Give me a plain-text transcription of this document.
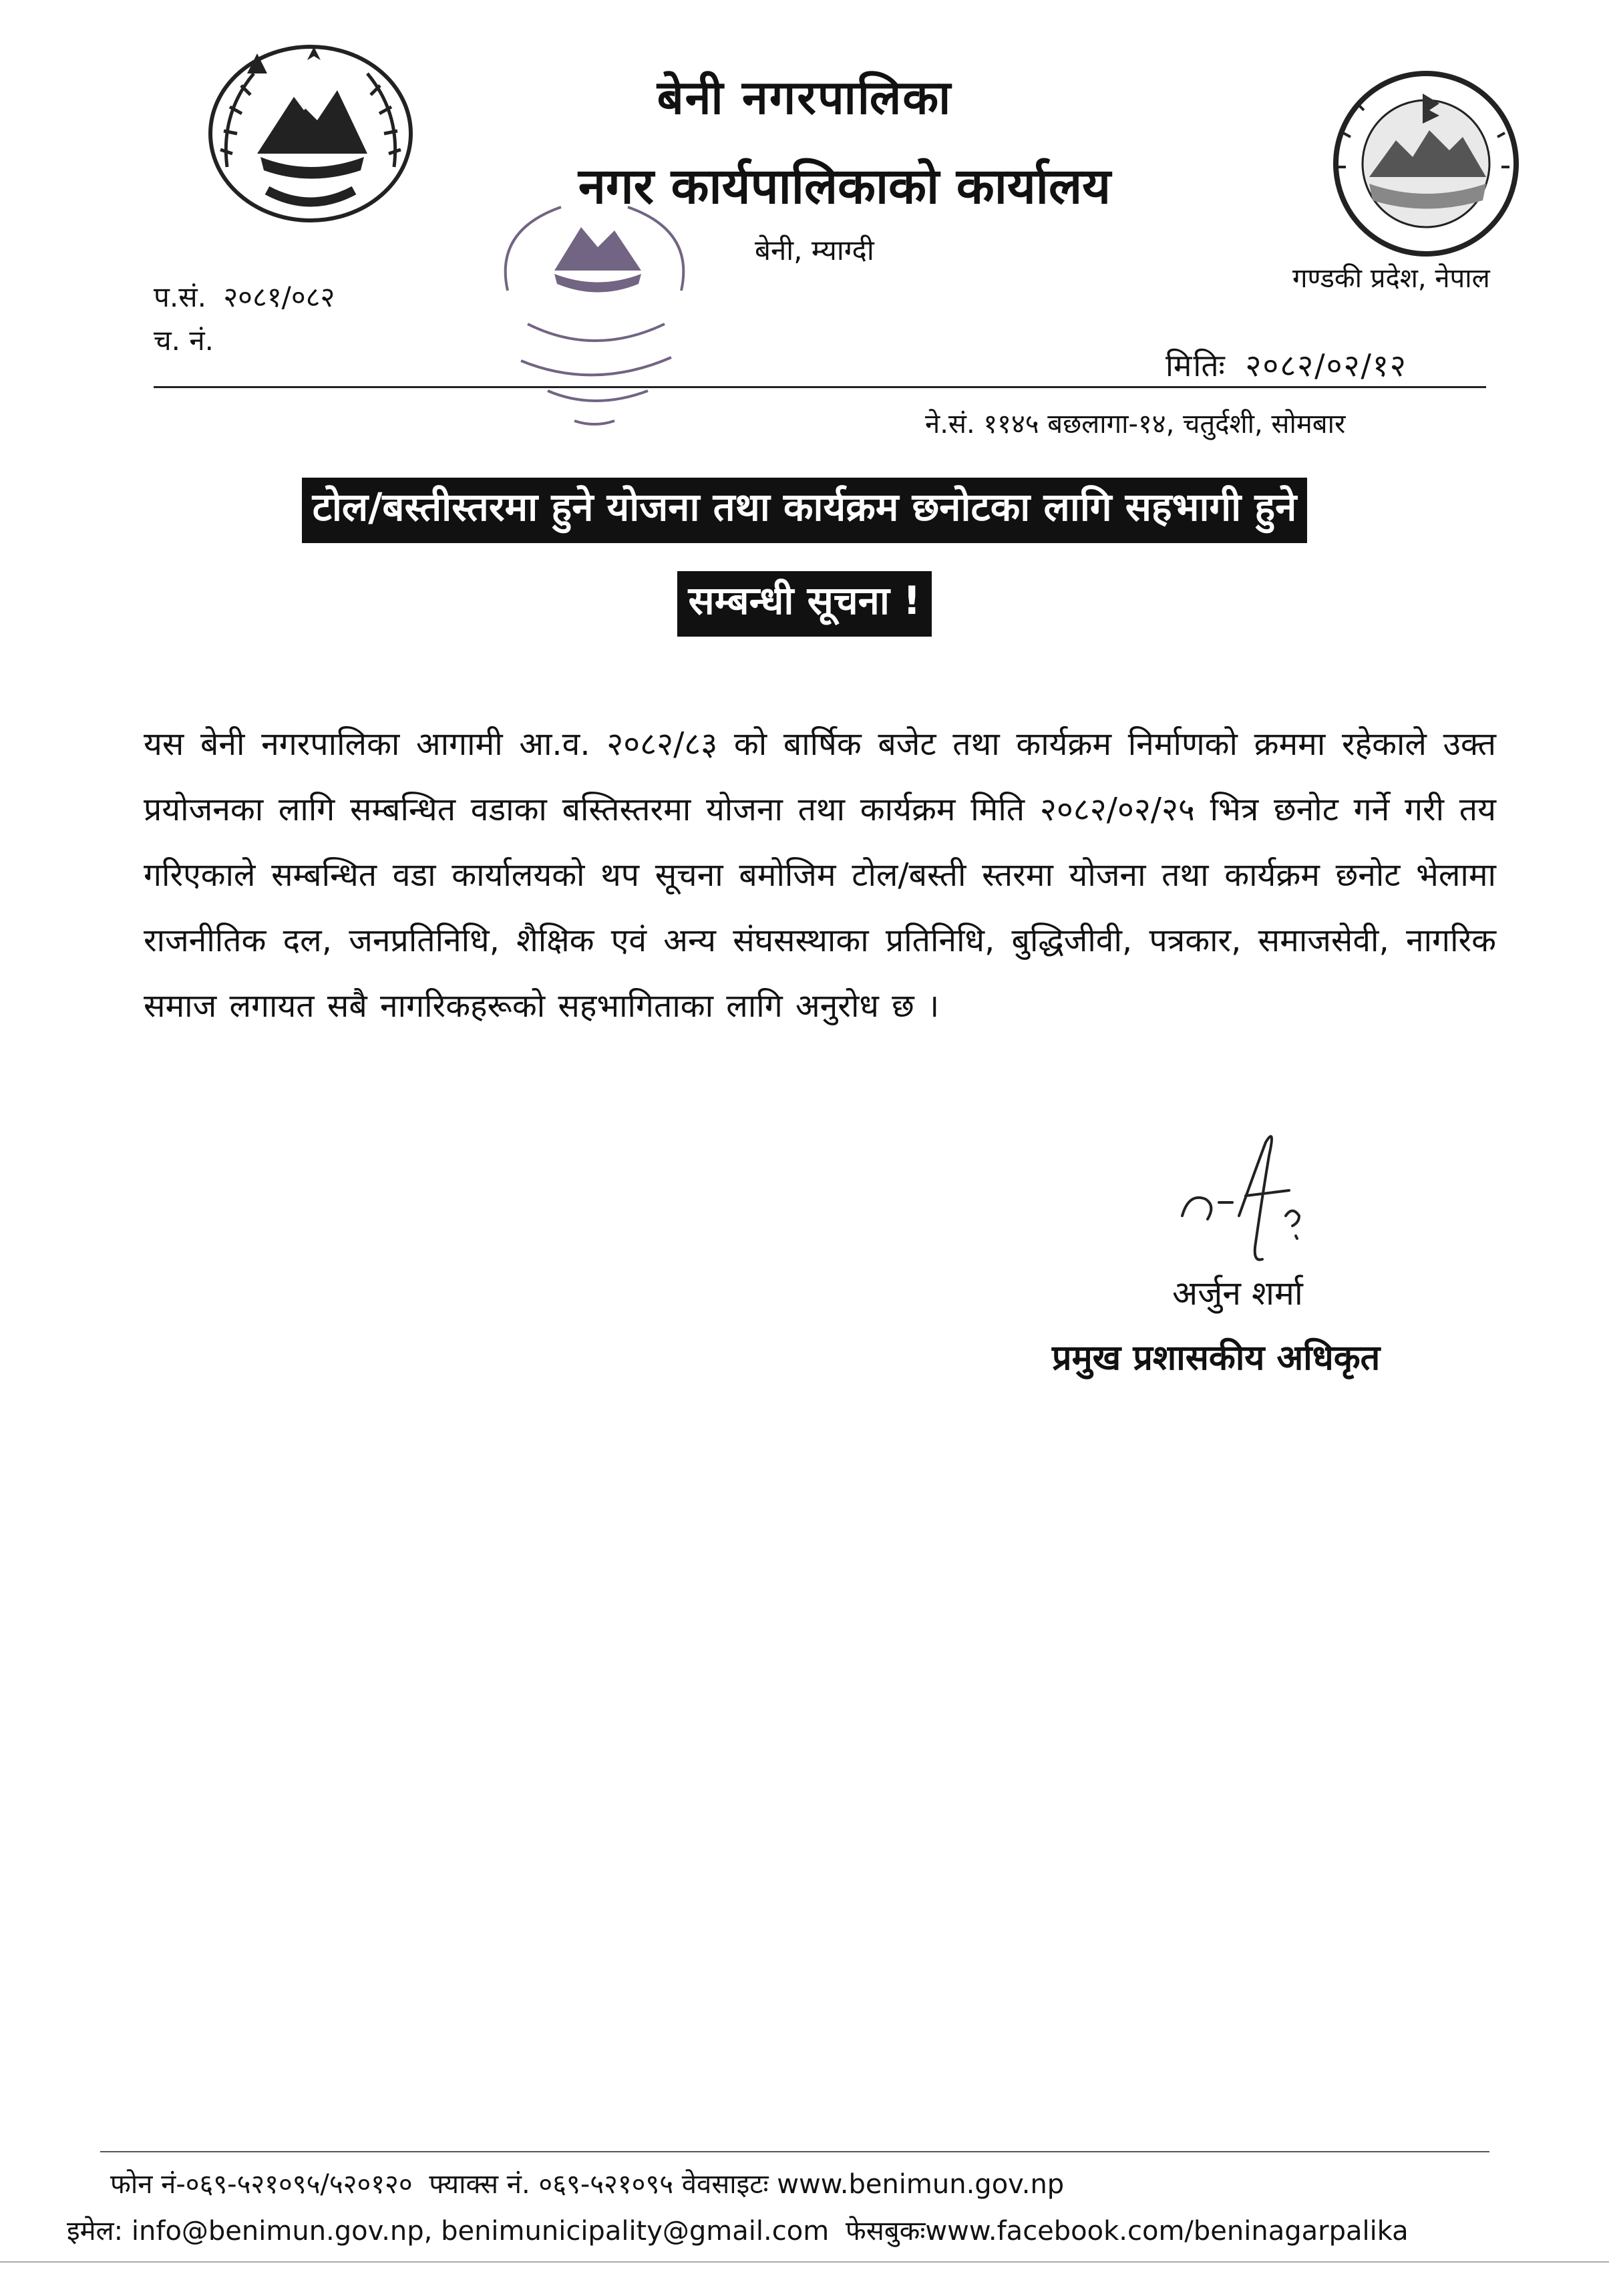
बेनी नगरपालिका
नगर कार्यपालिकाको कार्यालय
बेनी, म्याग्दी
गण्डकी प्रदेश, नेपाल
प.सं. २०८१/०८२
च. नं.
मितिः २०८२/०२/१२
ने.सं. ११४५ बछलागा-१४, चतुर्दशी, सोमबार
टोल/बस्तीस्तरमा हुने योजना तथा कार्यक्रम छनोटका लागि सहभागी हुने
सम्बन्धी सूचना !
यस बेनी नगरपालिका आगामी आ.व. २०८२/८३ को बार्षिक बजेट तथा कार्यक्रम निर्माणको क्रममा रहेकाले उक्त प्रयोजनका लागि सम्बन्धित वडाका बस्तिस्तरमा योजना तथा कार्यक्रम मिति २०८२/०२/२५ भित्र छनोट गर्ने गरी तय गरिएकाले सम्बन्धित वडा कार्यालयको थप सूचना बमोजिम टोल/बस्ती स्तरमा योजना तथा कार्यक्रम छनोट भेलामा राजनीतिक दल, जनप्रतिनिधि, शैक्षिक एवं अन्य संघसस्थाका प्रतिनिधि, बुद्धिजीवी, पत्रकार, समाजसेवी, नागरिक समाज लगायत सबै नागरिकहरूको सहभागिताका लागि अनुरोध छ ।
अर्जुन शर्मा
प्रमुख प्रशासकीय अधिकृत
फोन नं-०६९-५२१०९५/५२०१२० फ्याक्स नं. ०६९-५२१०९५ वेवसाइटः www.benimun.gov.np
इमेल: info@benimun.gov.np, benimunicipality@gmail.com फेसबुकःwww.facebook.com/beninagarpalika
